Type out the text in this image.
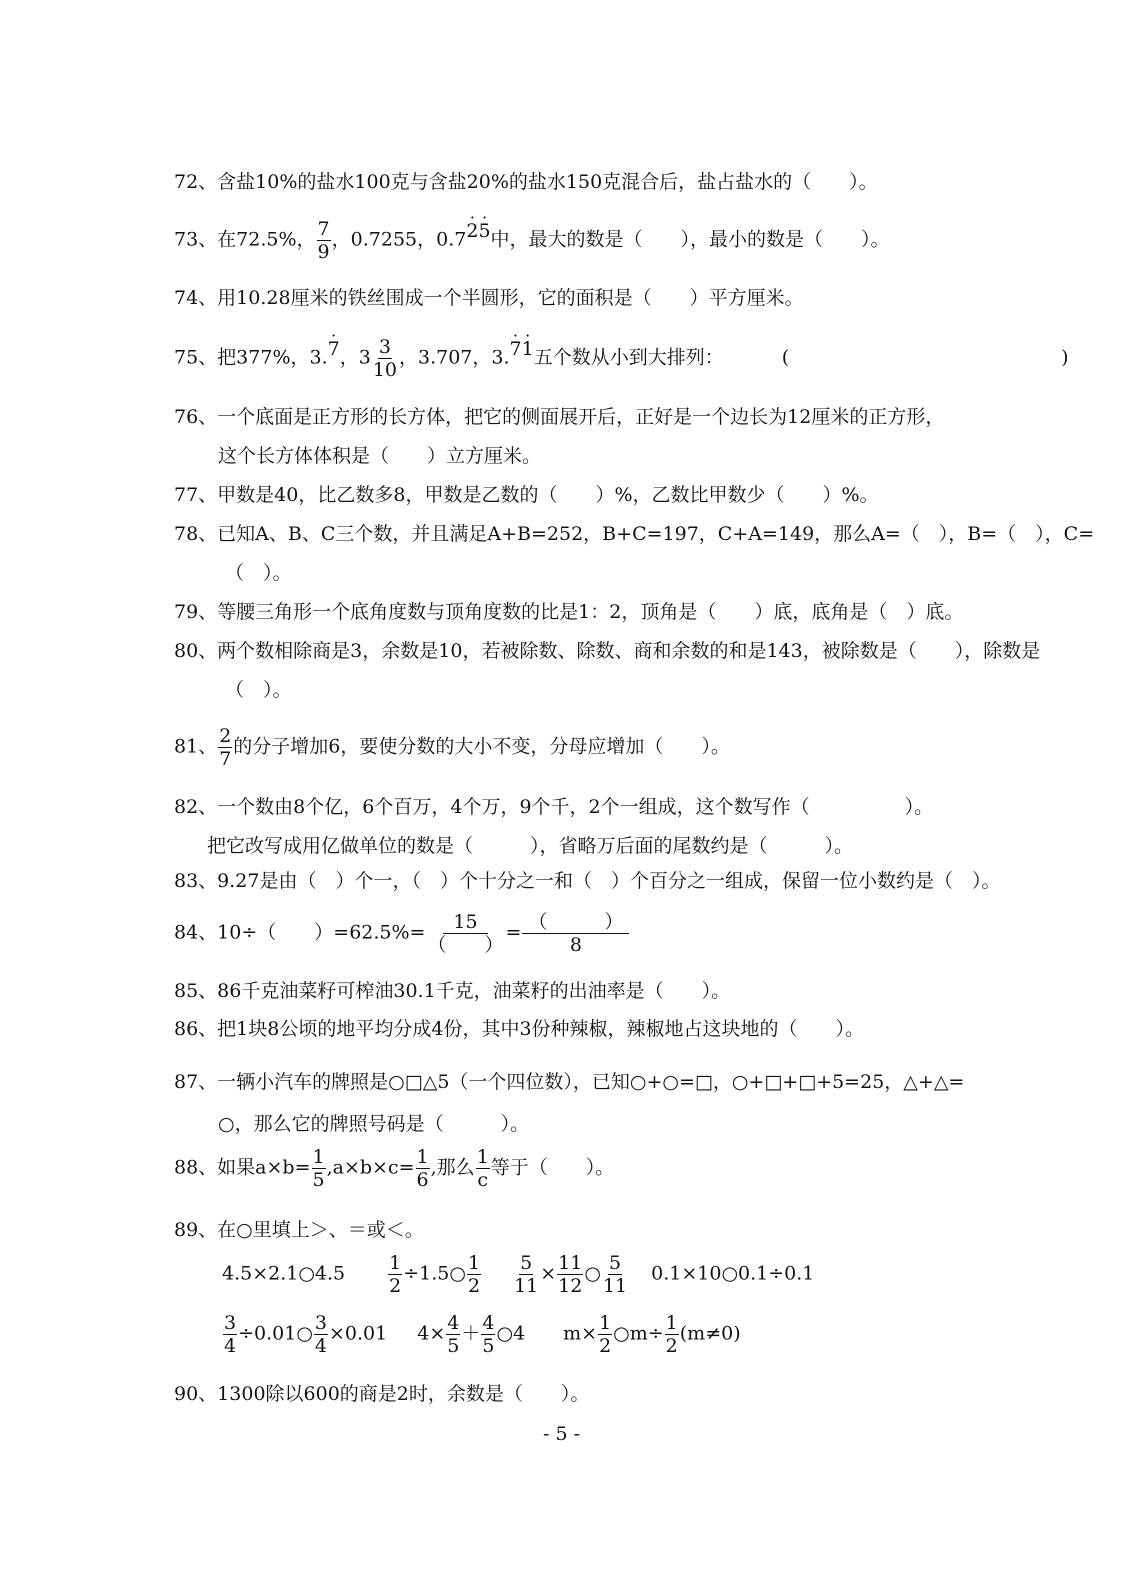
72、含盐10%的盐水100克与含盐20%的盐水150克混合后，盐占盐水的（　　）。
73、在72.5%， $\frac{7}{9}$ ，0.7255，0.7· 2· 5中，最大的数是（　　），最小的数是（　　）。
74、用10.28厘米的铁丝围成一个半圆形，它的面积是（　　）平方厘米。
75、把377%，3.· 7，$3 \frac{3}{10}$ ，3.707，3.· 7· 1五个数从小到大排列：	(	)
76、一个底面是正方形的长方体，把它的侧面展开后，正好是一个边长为12厘米的正方形，
这个长方体体积是（　　）立方厘米。
77、甲数是40，比乙数多8，甲数是乙数的（　　）%，乙数比甲数少（　　）%。
78、已知A、B、C三个数，并且满足A+B=252，B+C=197，C+A=149，那么A=（　），B=（　），C=
（　）。
79、等腰三角形一个底角度数与顶角度数的比是1：2，顶角是（　　）底，底角是（　）底。
80、两个数相除商是3，余数是10，若被除数、除数、商和余数的和是143，被除数是（　　），除数是
（　）。
81、 $\frac{2}{7}$ 的分子增加6，要使分数的大小不变，分母应增加（　　）。
82、一个数由8个亿，6个百万，4个万，9个千，2个一组成，这个数写作（　　　　　）。
把它改写成用亿做单位的数是（　　　），省略万后面的尾数约是（　　　）。
83、9.27是由（　）个一，（　）个十分之一和（　）个百分之一组成，保留一位小数约是（　）。
84、10÷（　　）$=62.5\%= \frac{15}{( )} = \frac{( )}{8}$
85、86千克油菜籽可榨油30.1千克，油菜籽的出油率是（　　）。
86、把1块8公顷的地平均分成4份，其中3份种辣椒，辣椒地占这块地的（　　）。
87、一辆小汽车的牌照是○□△5（一个四位数），已知○+○=□，○+□+□+5=25，△+△=
○，那么它的牌照号码是（　　　）。
88、如果$a\times b= \frac{1}{5} ,a\times b\times c= \frac{1}{6}$ ,那么 $\frac{1}{c}$ 等于（　　）。
89、在○里填上＞、＝或＜。
4.5×2.1○4.5 $\frac{1}{2}$ ÷1.5○ $\frac{1}{2} \frac{5}{11} \times \frac{11}{12}$ ○ $\frac{5}{11}$ 0.1×10○0.1÷0.1
$\frac{3}{4}$ ÷0.01○ $\frac{3}{4} \times 0.01$ $4\times \frac{4}{5} + \frac{4}{5}$ ○4 $m\times \frac{1}{2}$ ○m÷ $\frac{1}{2} (m\ne 0)$
90、1300除以600的商是2时，余数是（　　）。
- 5 -
